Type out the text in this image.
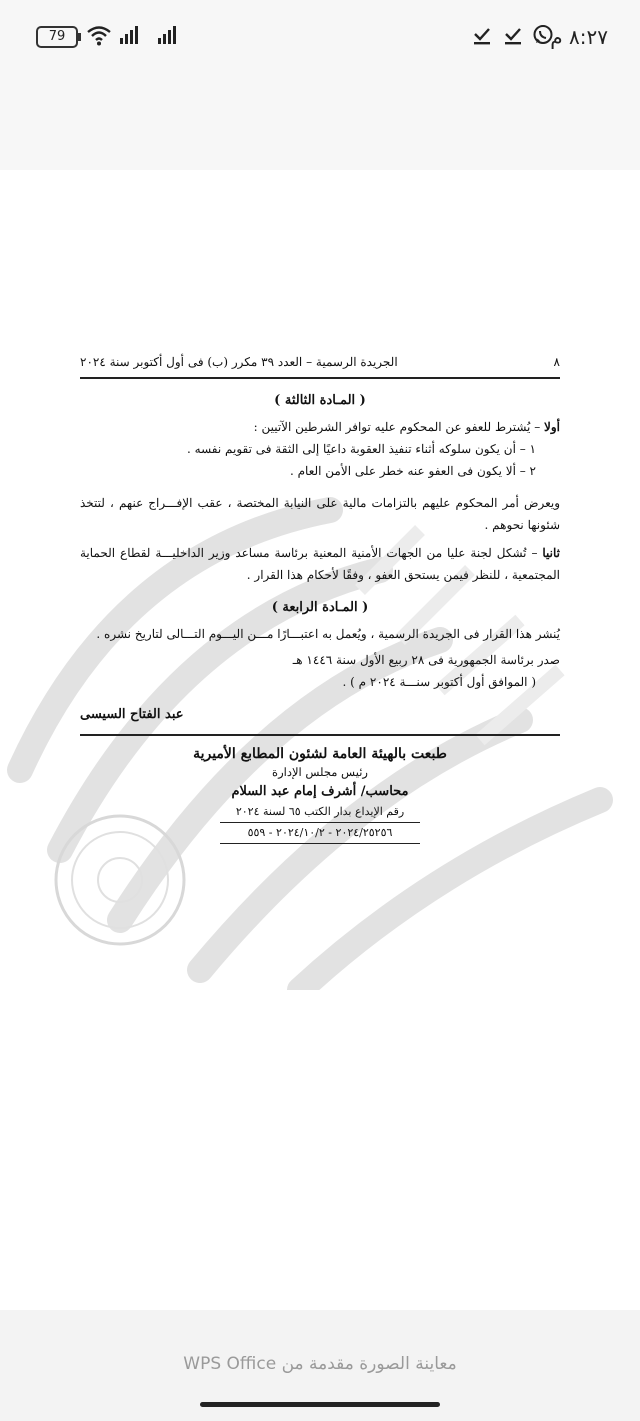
79	٨:٢٧ م
٨
الجريدة الرسمية – العدد ٣٩ مكرر (ب) فى أول أكتوبر سنة ٢٠٢٤
( المـادة الثالثة )

أولا – يُشترط للعفو عن المحكوم عليه توافر الشرطين الآتيين :

١ – أن يكون سلوكه أثناء تنفيذ العقوبة داعيًا إلى الثقة فى تقويم نفسه .

٢ – ألا يكون فى العفو عنه خطر على الأمن العام .

ويعرض أمر المحكوم عليهم بالتزامات مالية على النيابة المختصة ، عقب الإفـــراج عنهم ، لتتخذ شئونها نحوهم .

ثانيا – تُشكل لجنة عليا من الجهات الأمنية المعنية برئاسة مساعد وزير الداخليـــة لقطاع الحماية المجتمعية ، للنظر فيمن يستحق العفو ، وفقًا لأحكام هذا القرار .

( المـادة الرابعة )

يُنشر هذا القرار فى الجريدة الرسمية ، ويُعمل به اعتبـــارًا مـــن اليـــوم التـــالى لتاريخ نشره .

صدر برئاسة الجمهورية فى ٢٨ ربيع الأول سنة ١٤٤٦ هـ

( الموافق أول أكتوبر سنـــة ٢٠٢٤ م ) .

عبد الفتاح السيسى
طبعت بالهيئة العامة لشئون المطابع الأميرية
رئيس مجلس الإدارة
محاسب/ أشرف إمام عبد السلام
رقم الإيداع بدار الكتب ٦٥ لسنة ٢٠٢٤
٢٠٢٤/٢٥٢٥٦ - ٢٠٢٤/١٠/٢ - ٥٥٩
معاينة الصورة مقدمة من WPS Office
